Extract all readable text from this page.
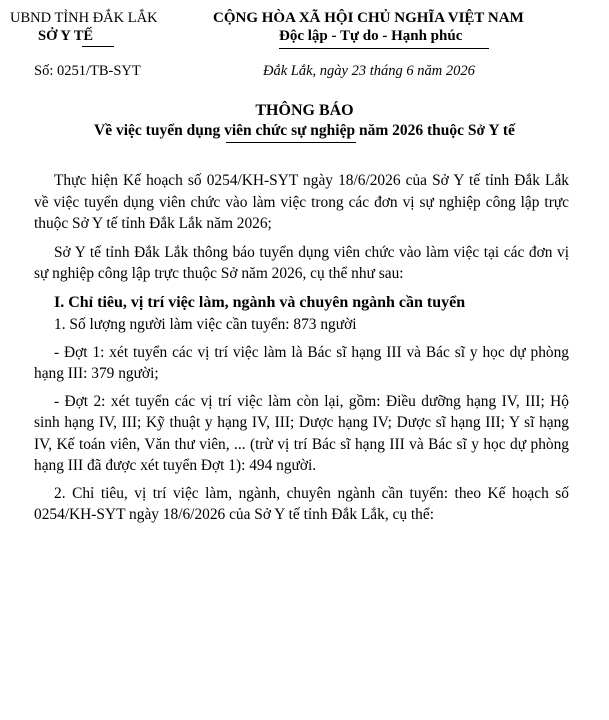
UBND TỈNH ĐẮK LẮK
SỞ Y TẾ
CỘNG HÒA XÃ HỘI CHỦ NGHĨA VIỆT NAM
Độc lập - Tự do - Hạnh phúc
Số: 0251/TB-SYT	Đắk Lắk, ngày 23 tháng 6 năm 2026
THÔNG BÁO
Về việc tuyển dụng viên chức sự nghiệp năm 2026 thuộc Sở Y tế

Thực hiện Kế hoạch số 0254/KH-SYT ngày 18/6/2026 của Sở Y tế tỉnh Đắk Lắk về việc tuyển dụng viên chức vào làm việc trong các đơn vị sự nghiệp công lập trực thuộc Sở Y tế tỉnh Đắk Lắk năm 2026;

Sở Y tế tỉnh Đắk Lắk thông báo tuyển dụng viên chức vào làm việc tại các đơn vị sự nghiệp công lập trực thuộc Sở năm 2026, cụ thể như sau:

I. Chỉ tiêu, vị trí việc làm, ngành và chuyên ngành cần tuyển

1. Số lượng người làm việc cần tuyển: 873 người

- Đợt 1: xét tuyển các vị trí việc làm là Bác sĩ hạng III và Bác sĩ y học dự phòng hạng III: 379 người;

- Đợt 2: xét tuyển các vị trí việc làm còn lại, gồm: Điều dưỡng hạng IV, III; Hộ sinh hạng IV, III; Kỹ thuật y hạng IV, III; Dược hạng IV; Dược sĩ hạng III; Y sĩ hạng IV, Kế toán viên, Văn thư viên, ... (trừ vị trí Bác sĩ hạng III và Bác sĩ y học dự phòng hạng III đã được xét tuyển Đợt 1): 494 người.

2. Chỉ tiêu, vị trí việc làm, ngành, chuyên ngành cần tuyển: theo Kế hoạch số 0254/KH-SYT ngày 18/6/2026 của Sở Y tế tỉnh Đắk Lắk, cụ thể:
